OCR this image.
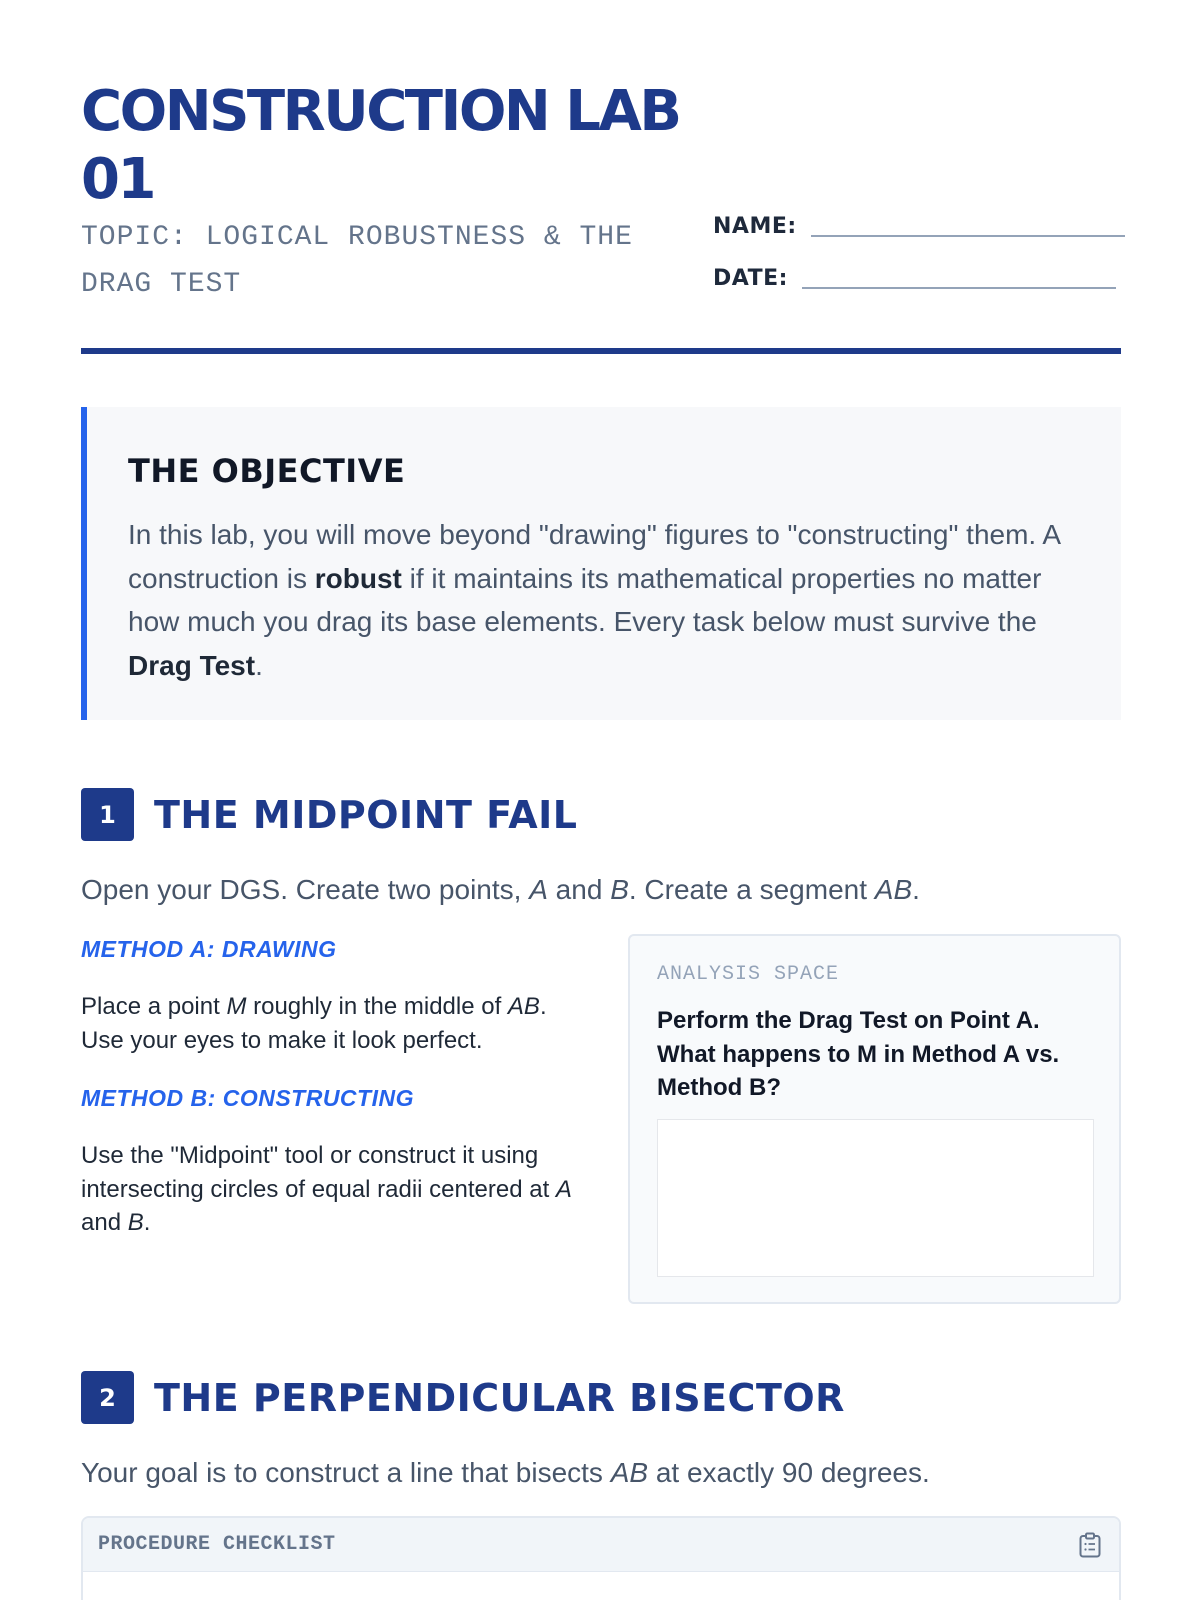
CONSTRUCTION LAB 01
TOPIC: LOGICAL ROBUSTNESS & THE DRAG TEST
NAME:
DATE:
THE OBJECTIVE

In this lab, you will move beyond "drawing" figures to "constructing" them. A construction is robust if it maintains its mathematical properties no matter how much you drag its base elements. Every task below must survive the Drag Test.

1	THE MIDPOINT FAIL
Open your DGS. Create two points, A and B. Create a segment AB.
METHOD A: DRAWING
Place a point M roughly in the middle of AB. Use your eyes to make it look perfect.
METHOD B: CONSTRUCTING
Use the "Midpoint" tool or construct it using intersecting circles of equal radii centered at A and B.
ANALYSIS SPACE
Perform the Drag Test on Point A. What happens to M in Method A vs. Method B?
2	THE PERPENDICULAR BISECTOR
Your goal is to construct a line that bisects AB at exactly 90 degrees.
PROCEDURE CHECKLIST
